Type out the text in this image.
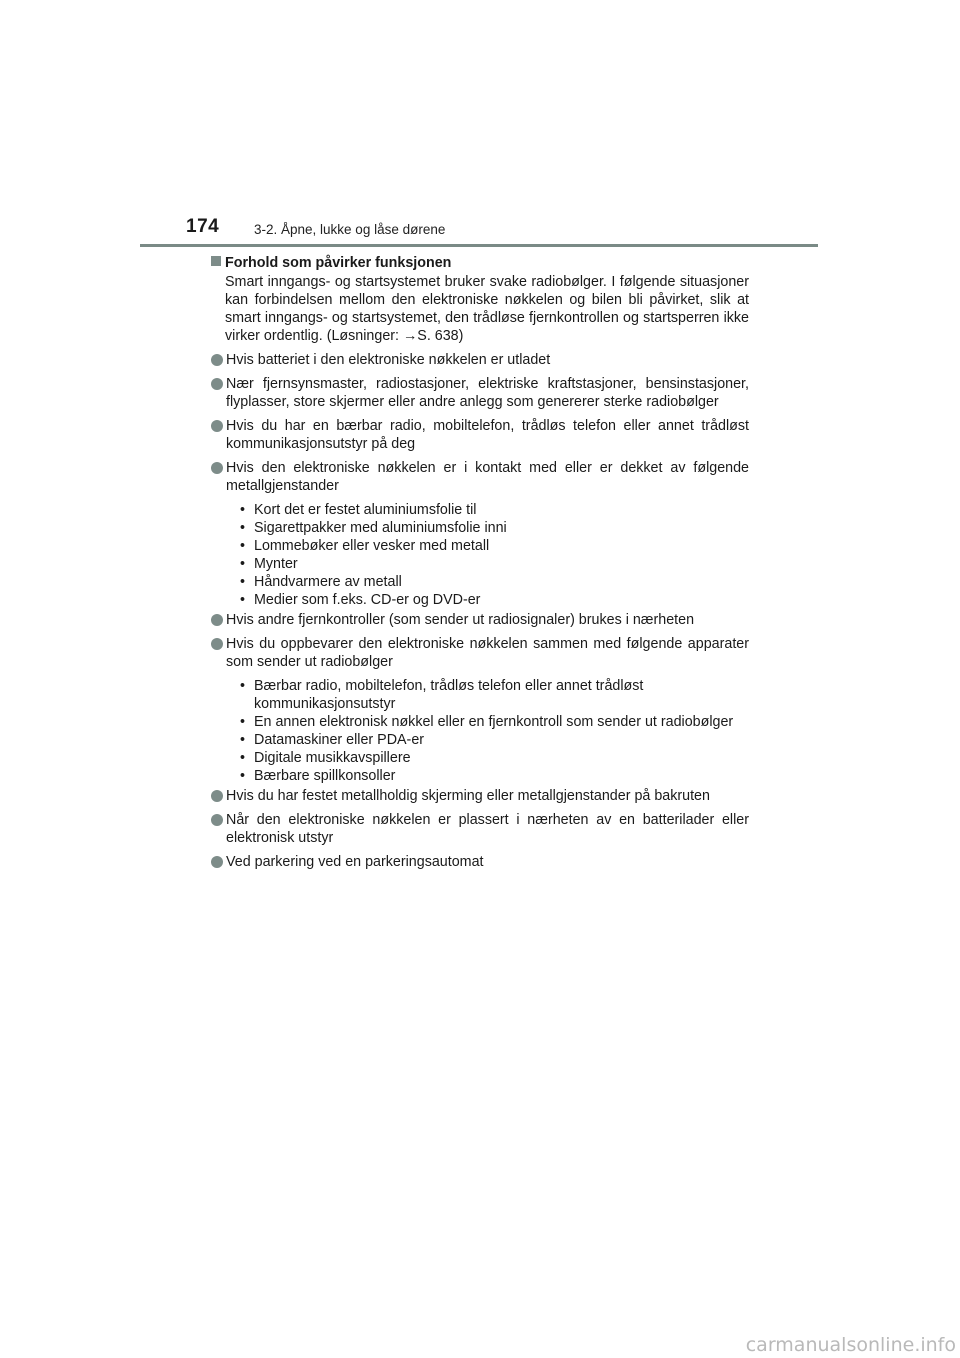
174	3-2. Åpne, lukke og låse dørene
Forhold som påvirker funksjonen
Smart inngangs- og startsystemet bruker svake radiobølger. I følgende situasjoner kan forbindelsen mellom den elektroniske nøkkelen og bilen bli påvirket, slik at smart inngangs- og startsystemet, den trådløse fjernkontrollen og startsperren ikke virker ordentlig. (Løsninger: →S. 638)
Hvis batteriet i den elektroniske nøkkelen er utladet
Nær fjernsynsmaster, radiostasjoner, elektriske kraftstasjoner, bensinstasjoner, flyplasser, store skjermer eller andre anlegg som genererer sterke radiobølger
Hvis du har en bærbar radio, mobiltelefon, trådløs telefon eller annet trådløst kommunikasjonsutstyr på deg
Hvis den elektroniske nøkkelen er i kontakt med eller er dekket av følgende metallgjenstander
• Kort det er festet aluminiumsfolie til
• Sigarettpakker med aluminiumsfolie inni
• Lommebøker eller vesker med metall
• Mynter
• Håndvarmere av metall
• Medier som f.eks. CD-er og DVD-er
Hvis andre fjernkontroller (som sender ut radiosignaler) brukes i nærheten
Hvis du oppbevarer den elektroniske nøkkelen sammen med følgende apparater som sender ut radiobølger
• Bærbar radio, mobiltelefon, trådløs telefon eller annet trådløst kommunikasjonsutstyr
• En annen elektronisk nøkkel eller en fjernkontroll som sender ut radiobølger
• Datamaskiner eller PDA-er
• Digitale musikkavspillere
• Bærbare spillkonsoller
Hvis du har festet metallholdig skjerming eller metallgjenstander på bakruten
Når den elektroniske nøkkelen er plassert i nærheten av en batterilader eller elektronisk utstyr
Ved parkering ved en parkeringsautomat
carmanualsonline.info
